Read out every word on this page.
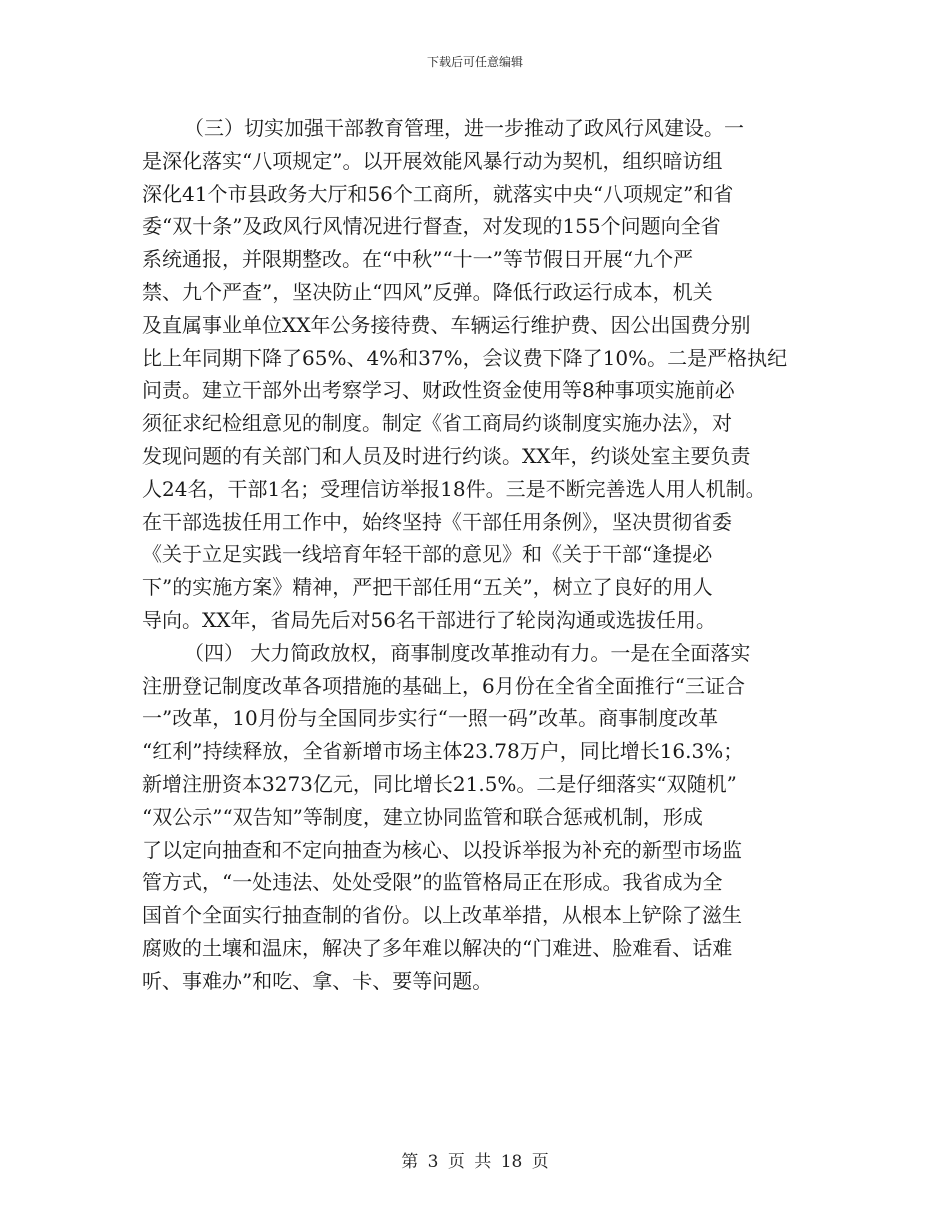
下载后可任意编辑
（三）切实加强干部教育管理，进一步推动了政风行风建设。一
是深化落实“八项规定”。以开展效能风暴行动为契机，组织暗访组
深化41个市县政务大厅和56个工商所，就落实中央“八项规定”和省
委“双十条”及政风行风情况进行督查，对发现的155个问题向全省
系统通报，并限期整改。在“中秋”“十一”等节假日开展“九个严
禁、九个严查”，坚决防止“四风”反弹。降低行政运行成本，机关
及直属事业单位XX年公务接待费、车辆运行维护费、因公出国费分别
比上年同期下降了65%、4%和37%，会议费下降了10%。二是严格执纪
问责。建立干部外出考察学习、财政性资金使用等8种事项实施前必
须征求纪检组意见的制度。制定《省工商局约谈制度实施办法》，对
发现问题的有关部门和人员及时进行约谈。XX年，约谈处室主要负责
人24名，干部1名；受理信访举报18件。三是不断完善选人用人机制。
在干部选拔任用工作中，始终坚持《干部任用条例》，坚决贯彻省委
《关于立足实践一线培育年轻干部的意见》和《关于干部“逢提必
下”的实施方案》精神，严把干部任用“五关”，树立了良好的用人
导向。XX年，省局先后对56名干部进行了轮岗沟通或选拔任用。
（四） 大力简政放权，商事制度改革推动有力。一是在全面落实
注册登记制度改革各项措施的基础上，6月份在全省全面推行“三证合
一”改革，10月份与全国同步实行“一照一码”改革。商事制度改革
“红利”持续释放，全省新增市场主体23.78万户，同比增长16.3%；
新增注册资本3273亿元，同比增长21.5%。二是仔细落实“双随机”
“双公示”“双告知”等制度，建立协同监管和联合惩戒机制，形成
了以定向抽查和不定向抽查为核心、以投诉举报为补充的新型市场监
管方式，“一处违法、处处受限”的监管格局正在形成。我省成为全
国首个全面实行抽查制的省份。以上改革举措，从根本上铲除了滋生
腐败的土壤和温床，解决了多年难以解决的“门难进、脸难看、话难
听、事难办”和吃、拿、卡、要等问题。
第 3 页 共 18 页
